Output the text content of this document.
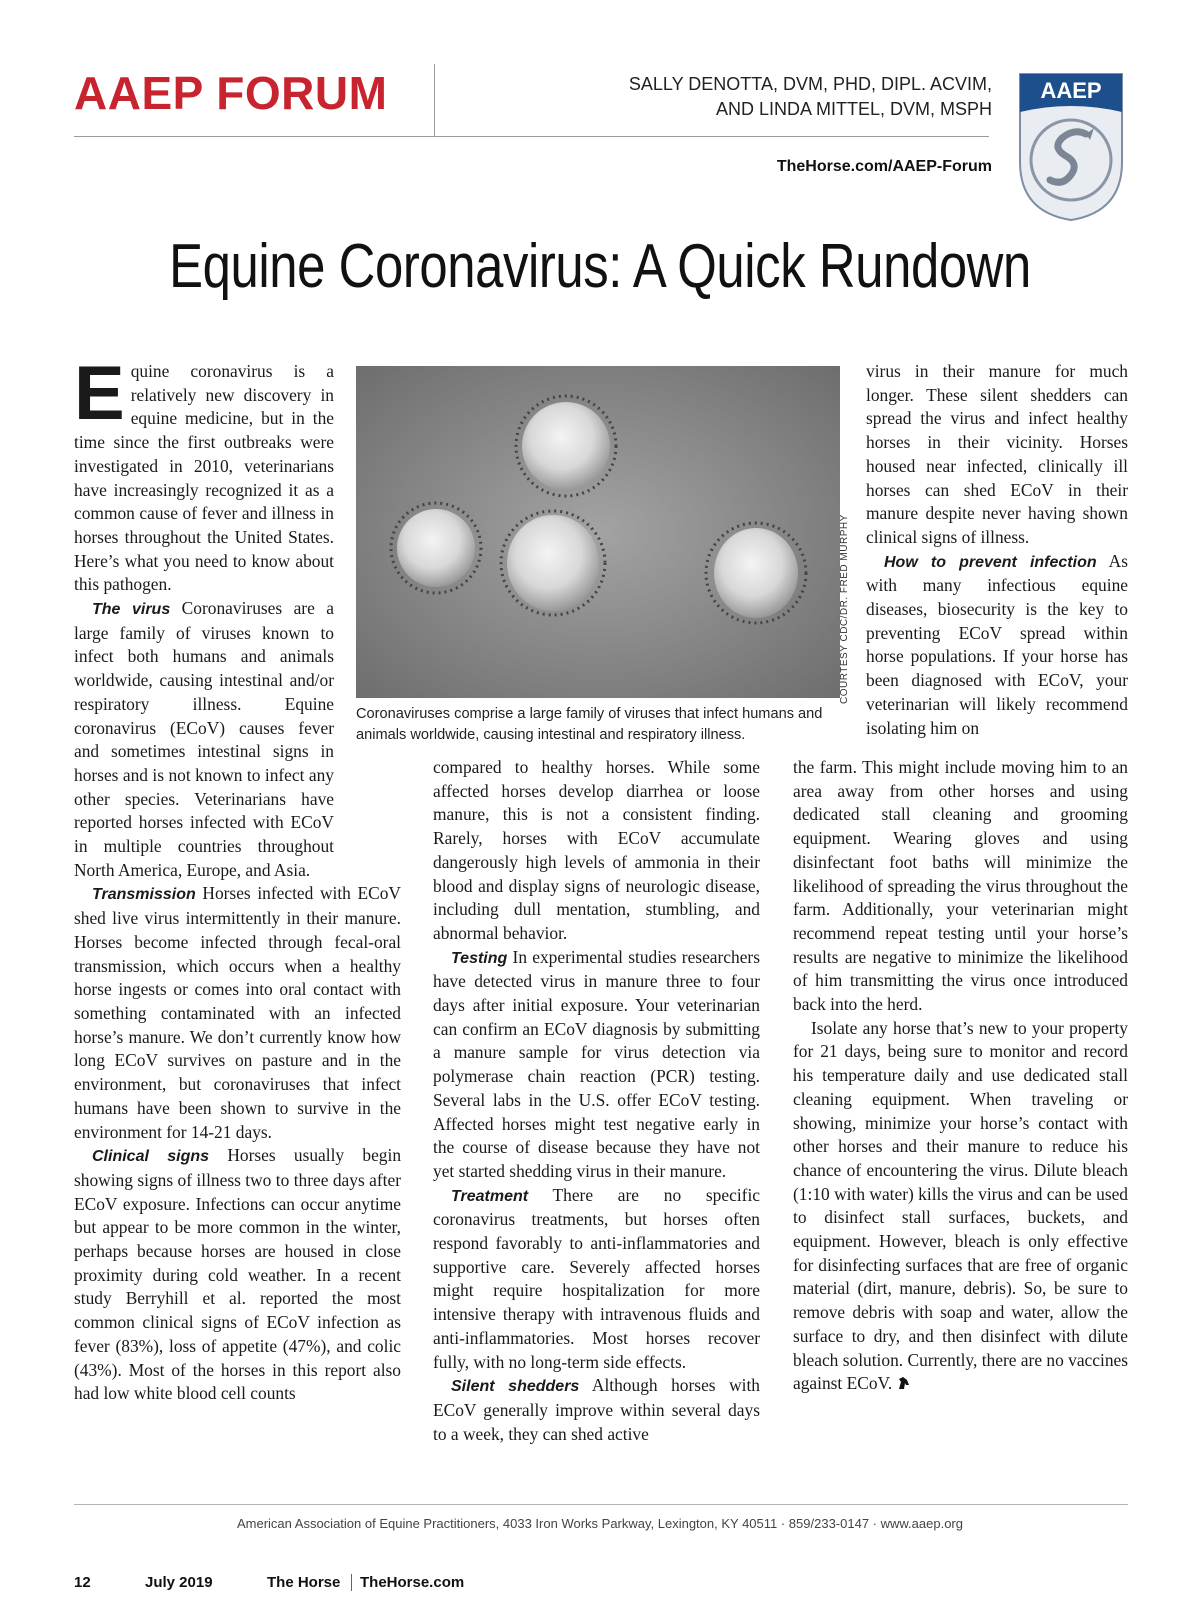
AAEP FORUM	SALLY DENOTTA, DVM, PHD, DIPL. ACVIM,
AND LINDA MITTEL, DVM, MSPH
TheHorse.com/AAEP-Forum
AAEP
Equine Coronavirus: A Quick Rundown
COURTESY CDC/DR. FRED MURPHY
Coronaviruses comprise a large family of viruses that infect humans and animals worldwide, causing intestinal and respiratory illness.

Equine coronavirus is a relatively new discovery in equine medicine, but in the time since the first outbreaks were investigated in 2010, veterinarians have increasingly recognized it as a common cause of fever and illness in horses throughout the United States. Here’s what you need to know about this pathogen.

The virus Coronaviruses are a large family of viruses known to infect both humans and animals worldwide, causing intestinal and/or respiratory illness. Equine coronavirus (ECoV) causes fever and sometimes intestinal signs in horses and is not known to infect any other species. Veterinarians have reported horses infected with ECoV in multiple countries throughout North America, Europe, and Asia.

Transmission Horses infected with ECoV shed live virus intermittently in their manure. Horses become infected through fecal-oral transmission, which occurs when a healthy horse ingests or comes into oral contact with something contaminated with an infected horse’s manure. We don’t currently know how long ECoV survives on pasture and in the environment, but coronaviruses that infect humans have been shown to survive in the environment for 14-21 days.

Clinical signs Horses usually begin showing signs of illness two to three days after ECoV exposure. Infections can occur anytime but appear to be more common in the winter, perhaps because horses are housed in close proximity during cold weather. In a recent study Berryhill et al. reported the most common clinical signs of ECoV infection as fever (83%), loss of appetite (47%), and colic (43%). Most of the horses in this report also had low white blood cell counts

compared to healthy horses. While some affected horses develop diarrhea or loose manure, this is not a consistent finding. Rarely, horses with ECoV accumulate dangerously high levels of ammonia in their blood and display signs of neurologic disease, including dull mentation, stumbling, and abnormal behavior.

Testing In experimental studies researchers have detected virus in manure three to four days after initial exposure. Your veterinarian can confirm an ECoV diagnosis by submitting a manure sample for virus detection via polymerase chain reaction (PCR) testing. Several labs in the U.S. offer ECoV testing. Affected horses might test negative early in the course of disease because they have not yet started shedding virus in their manure.

Treatment There are no specific coronavirus treatments, but horses often respond favorably to anti-inflammatories and supportive care. Severely affected horses might require hospitalization for more intensive therapy with intravenous fluids and anti-inflammatories. Most horses recover fully, with no long-term side effects.

Silent shedders Although horses with ECoV generally improve within several days to a week, they can shed active

virus in their manure for much longer. These silent shedders can spread the virus and infect healthy horses in their vicinity. Horses housed near infected, clinically ill horses can shed ECoV in their manure despite never having shown clinical signs of illness.

How to prevent infection As with many infectious equine diseases, biosecurity is the key to preventing ECoV spread within horse populations. If your horse has been diagnosed with ECoV, your veterinarian will likely recommend isolating him on

the farm. This might include moving him to an area away from other horses and using dedicated stall cleaning and grooming equipment. Wearing gloves and using disinfectant foot baths will minimize the likelihood of spreading the virus throughout the farm. Additionally, your veterinarian might recommend repeat testing until your horse’s results are negative to minimize the likelihood of him transmitting the virus once introduced back into the herd.

Isolate any horse that’s new to your property for 21 days, being sure to monitor and record his temperature daily and use dedicated stall cleaning equipment. When traveling or showing, minimize your horse’s contact with other horses and their manure to reduce his chance of encountering the virus. Dilute bleach (1:10 with water) kills the virus and can be used to disinfect stall surfaces, buckets, and equipment. However, bleach is only effective for disinfecting surfaces that are free of organic material (dirt, manure, debris). So, be sure to remove debris with soap and water, allow the surface to dry, and then disinfect with dilute bleach solution. Currently, there are no vaccines against ECoV.

American Association of Equine Practitioners, 4033 Iron Works Parkway, Lexington, KY 40511 · 859/233-0147 · www.aaep.org
12	July 2019	The Horse TheHorse.com
